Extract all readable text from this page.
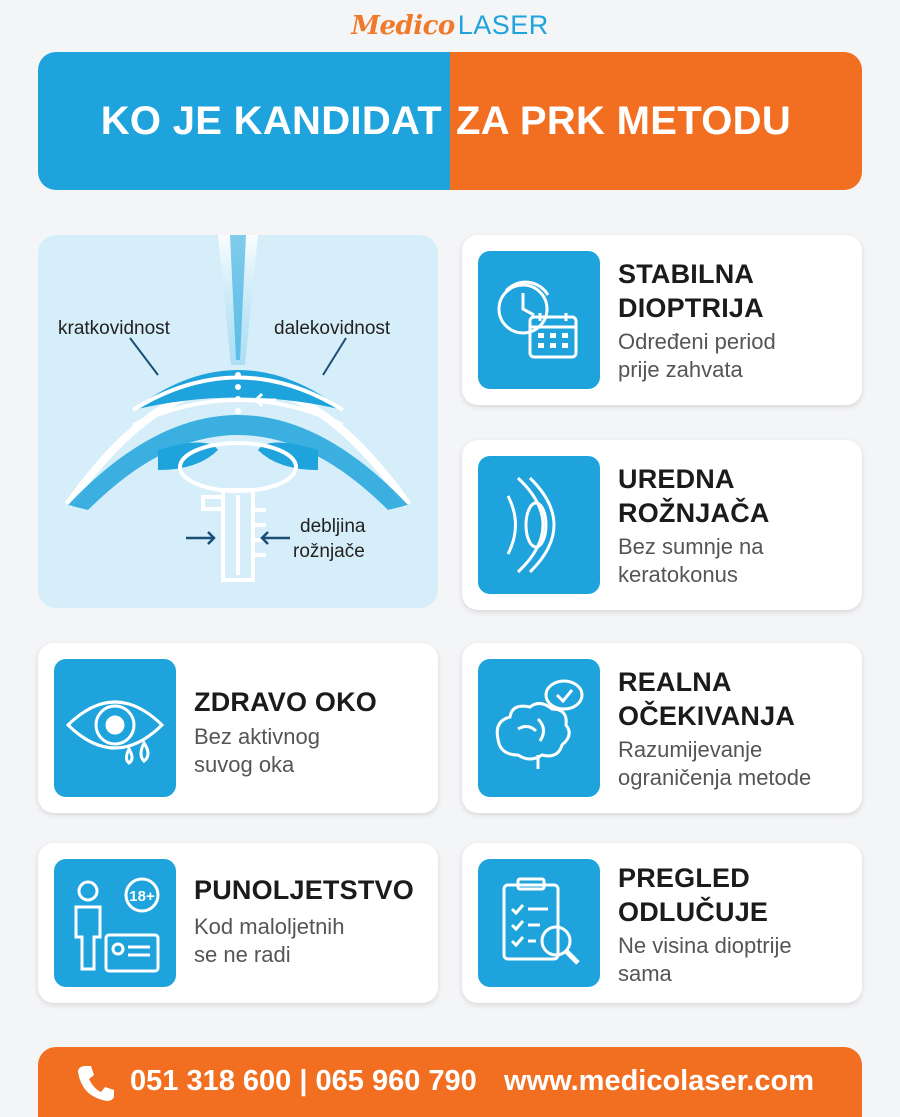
Medico LASER
KO JE KANDIDAT ZA PRK METODU
kratkovidnost	dalekovidnost
debljina
rožnjače
STABILNA
DIOPTRIJA
Određeni period
prije zahvata
UREDNA
ROŽNJAČA
Bez sumnje na
keratokonus
ZDRAVO OKO
Bez aktivnog
suvog oka
REALNA
OČEKIVANJA
Razumijevanje
ograničenja metode
18+ PUNOLJETSTVO
Kod maloljetnih
se ne radi
PREGLED
ODLUČUJE
Ne visina dioptrije
sama
051 318 600 | 065 960 790 www.medicolaser.com
